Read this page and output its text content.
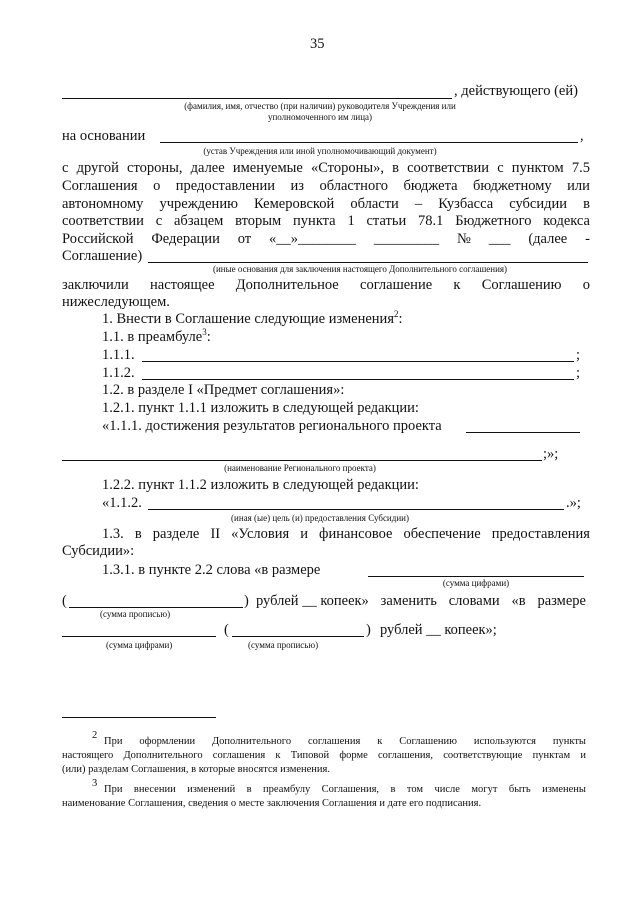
35
, действующего (ей)
(фамилия, имя, отчество (при наличии) руководителя Учреждения или
уполномоченного им лица)
на основании	,
(устав Учреждения или иной уполномочивающий документ)
с другой стороны, далее именуемые «Стороны», в соответствии с пунктом 7.5
Соглашения о предоставлении из областного бюджета бюджетному или
автономному учреждению Кемеровской области – Кузбасса субсидии в
соответствии с абзацем вторым пункта 1 статьи 78.1 Бюджетного кодекса
Российской Федерации от «__»________ _________ № ___ (далее -
Соглашение)
(иные основания для заключения настоящего Дополнительного соглашения)
заключили настоящее Дополнительное соглашение к Соглашению о
нижеследующем.
1. Внести в Соглашение следующие изменения$^2$:
1.1. в преамбуле$^3$:
1.1.1.	;
1.1.2.	;
1.2. в разделе I «Предмет соглашения»:
1.2.1. пункт 1.1.1 изложить в следующей редакции:
«1.1.1. достижения результатов регионального проекта
;»;
(наименование Регионального проекта)
1.2.2. пункт 1.1.2 изложить в следующей редакции:
«1.1.2.	.»;
(иная (ые) цель (и) предоставления Субсидии)
1.3. в разделе II «Условия и финансовое обеспечение предоставления
Субсидии»:
1.3.1. в пункте 2.2 слова «в размере
(сумма цифрами)
(	) рублей __ копеек» заменить словами «в размере
(сумма прописью)
(	) рублей __ копеек»;
(сумма цифрами)	(сумма прописью)
2
При оформлении Дополнительного соглашения к Соглашению используются пункты
настоящего Дополнительного соглашения к Типовой форме соглашения, соответствующие пунктам и
(или) разделам Соглашения, в которые вносятся изменения.
3
При внесении изменений в преамбулу Соглашения, в том числе могут быть изменены
наименование Соглашения, сведения о месте заключения Соглашения и дате его подписания.
